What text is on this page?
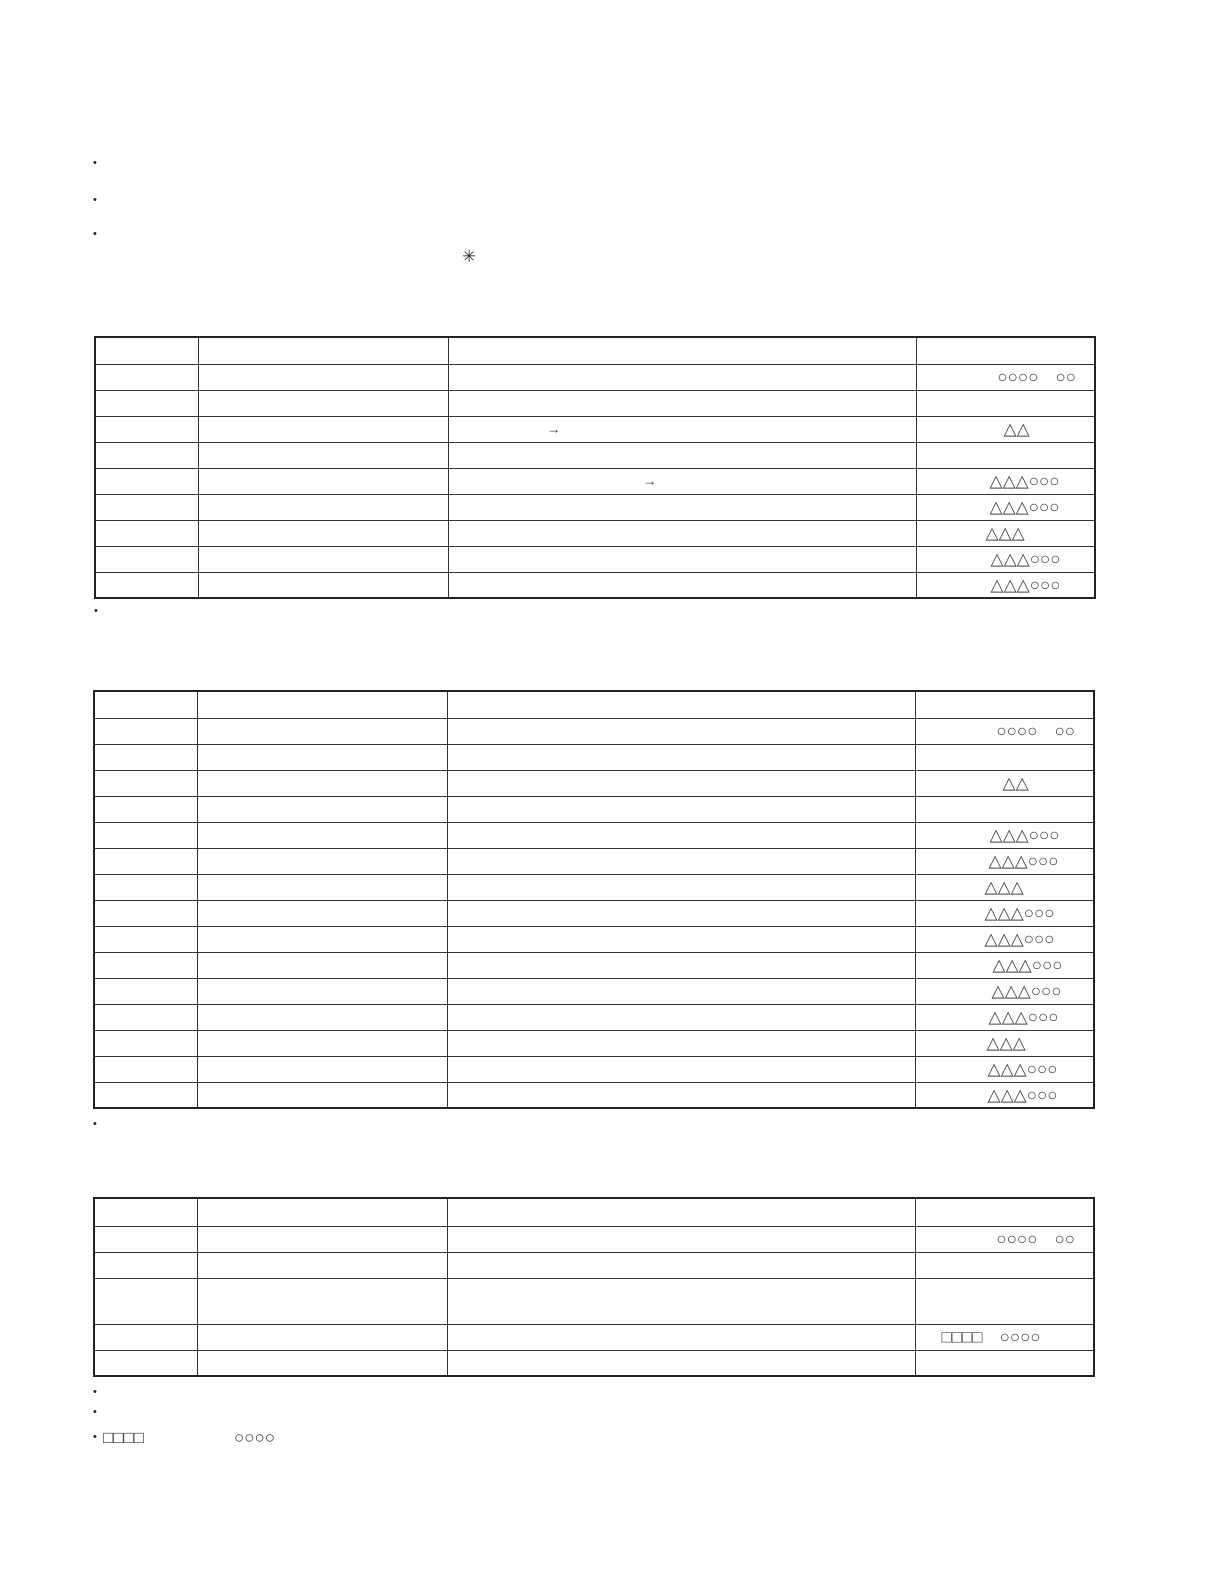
•
•
•
✳

			○○○○　○○

		→	△△

		→	△△△○○○

			△△△○○○

			△△△

			△△△○○○

			△△△○○○
•

			○○○○　○○

			△△

			△△△○○○

			△△△○○○

			△△△

			△△△○○○

			△△△○○○

			△△△○○○

			△△△○○○

			△△△○○○

			△△△

			△△△○○○

			△△△○○○
•

			○○○○　○○

			□□□□　○○○○

•
•
• □□□□	○○○○
